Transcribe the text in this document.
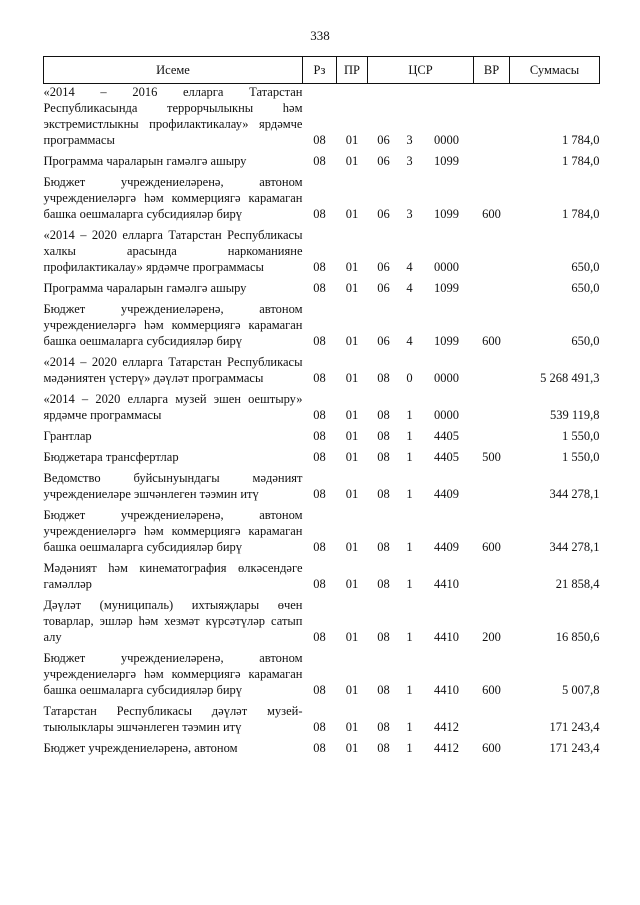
338
Исеме	Рз	ПР	ЦСР			ВР	Суммасы
«2014 – 2016 елларга Татарстан Республикасында террорчылыкны һәм экстремистлыкны профилактикалау» ярдәмче программасы	08	01	06	3	0000		1 784,0

Программа чараларын гамәлгә ашыру	08	01	06	3	1099		1 784,0

Бюджет учреждениеләренә, автоном учреждениеләргә һәм коммерциягә карамаган башка оешмаларга субсидияләр бирү	08	01	06	3	1099	600	1 784,0

«2014 – 2020 елларга Татарстан Республикасы халкы арасында наркоманияне профилактикалау» ярдәмче программасы	08	01	06	4	0000		650,0

Программа чараларын гамәлгә ашыру	08	01	06	4	1099		650,0

Бюджет учреждениеләренә, автоном учреждениеләргә һәм коммерциягә карамаган башка оешмаларга субсидияләр бирү	08	01	06	4	1099	600	650,0

«2014 – 2020 елларга Татарстан Республикасы мәдәниятен үстерү» дәүләт программасы	08	01	08	0	0000		5 268 491,3

«2014 – 2020 елларга музей эшен оештыру» ярдәмче программасы	08	01	08	1	0000		539 119,8

Грантлар	08	01	08	1	4405		1 550,0

Бюджетара трансфертлар	08	01	08	1	4405	500	1 550,0

Ведомство буйсынуындагы мәдәният учреждениеләре эшчәнлеген тәэмин итү	08	01	08	1	4409		344 278,1

Бюджет учреждениеләренә, автоном учреждениеләргә һәм коммерциягә карамаган башка оешмаларга субсидияләр бирү	08	01	08	1	4409	600	344 278,1

Мәдәният һәм кинематография өлкәсендәге гамәлләр	08	01	08	1	4410		21 858,4

Дәүләт (муниципаль) ихтыяҗлары өчен товарлар, эшләр һәм хезмәт күрсәтүләр сатып алу	08	01	08	1	4410	200	16 850,6

Бюджет учреждениеләренә, автоном учреждениеләргә һәм коммерциягә карамаган башка оешмаларга субсидияләр бирү	08	01	08	1	4410	600	5 007,8

Татарстан Республикасы дәүләт музей-тыюлыклары эшчәнлеген тәэмин итү	08	01	08	1	4412		171 243,4

Бюджет учреждениеләренә, автоном	08	01	08	1	4412	600	171 243,4
